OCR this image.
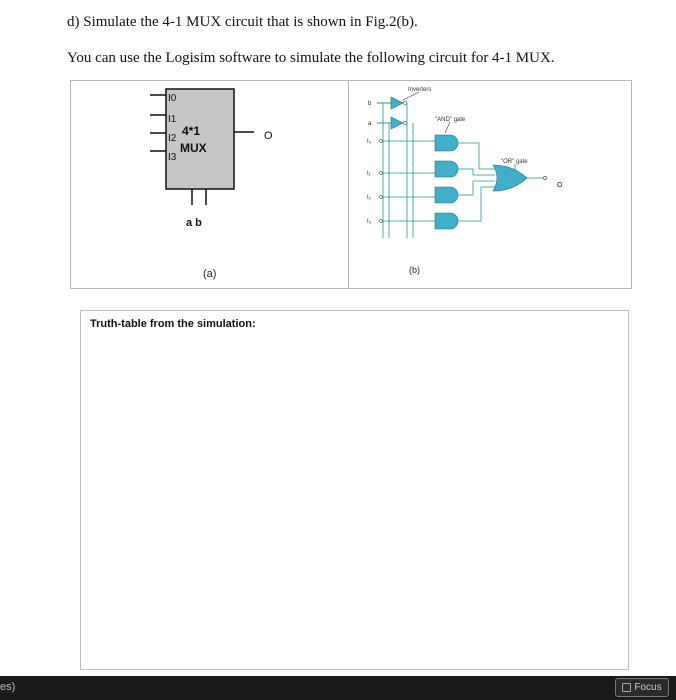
d) Simulate the 4-1 MUX circuit that is shown in Fig.2(b).
You can use the Logisim software to simulate the following circuit for 4-1 MUX.
I0
I1
I2
I3
4*1
MUX
O
a b
(a)
Inverters
"AND" gate
"OR" gate
b
a
I₀
I₁
I₂
I₃
O
(b)
Truth-table from the simulation:
es)	Focus
